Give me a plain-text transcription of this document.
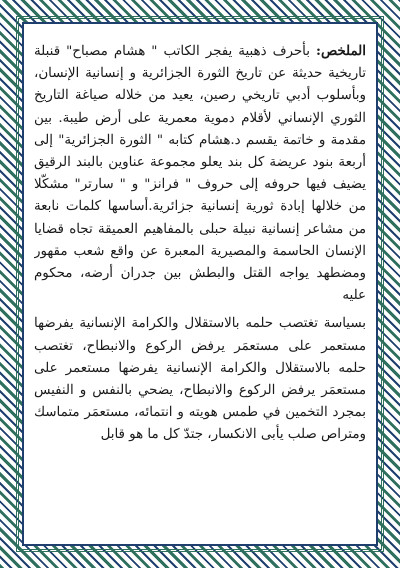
الملخص: بأحرف ذهبية يفجر الكاتب " هشام مصباح" قنبلة تاريخية حديثة عن تاريخ الثورة الجزائرية و إنسانية الإنسان، وبأسلوب أدبي تاريخي رصين، يعيد من خلاله صياغة التاريخ الثوري الإنساني لأقلام دموية معمرية على أرض طيبة. بين مقدمة و خاتمة يقسم د.هشام كتابه " الثورة الجزائرية" إلى أربعة بنود عريضة كل بند يعلو مجموعة عناوين بالبند الرقيق يضيف فيها حروفه إلى حروف " فرانز" و " سارتر" مشكّلا من خلالها إبادة ثورية إنسانية جزائرية.أساسها كلمات نابعة من مشاعر إنسانية نبيلة حبلى بالمفاهيم العميقة تجاه قضايا الإنسان الحاسمة والمصيرية المعبرة عن واقع شعب مقهور ومضطهد يواجه القتل والبطش بين جدران أرضه، محكوم عليه

بسياسة تغتصب حلمه بالاستقلال والكرامة الإنسانية يفرضها مستعمر على مستعمَر يرفض الركوع والانبطاح، تغتصب حلمه بالاستقلال والكرامة الإنسانية يفرضها مستعمر على مستعمَر يرفض الركوع والانبطاح، يضحي بالنفس و النفيس بمجرد التخمين في طمس هويته و انتمائه، مستعمَر متماسك ومتراص صلب يأبى الانكسار، جتدّ كل ما هو قابل
